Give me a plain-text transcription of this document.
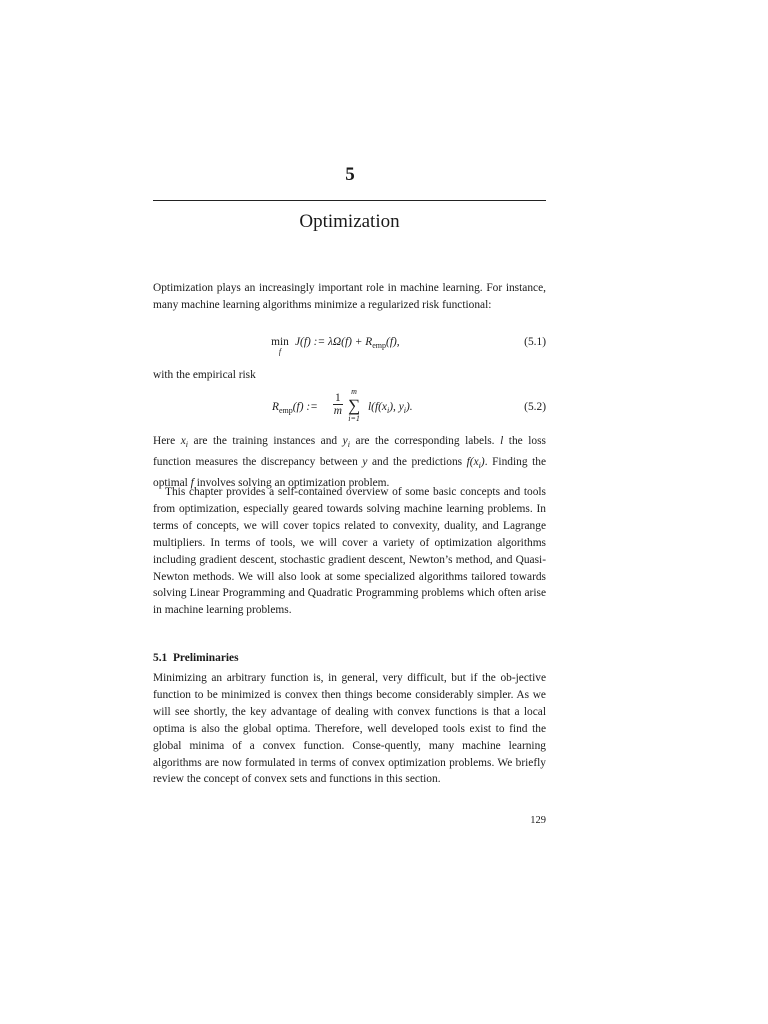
5
Optimization
Optimization plays an increasingly important role in machine learning. For instance, many machine learning algorithms minimize a regularized risk functional:
min
f
J(f) := $\lambda\Omega(f) + R_{emp}(f)$,	(5.1)
with the empirical risk
$R_{emp}(f)$ := $\frac{1}{m}$
m
∑
i=1
$l(f(x_i)$, $y_i$).	(5.2)
Here $x_i$ are the training instances and $y_i$ are the corresponding labels. l the loss function measures the discrepancy between y and the predictions $f(x_i)$. Finding the optimal f involves solving an optimization problem.
This chapter provides a self-contained overview of some basic concepts and tools from optimization, especially geared towards solving machine learning problems. In terms of concepts, we will cover topics related to convexity, duality, and Lagrange multipliers. In terms of tools, we will cover a variety of optimization algorithms including gradient descent, stochastic gradient descent, Newton’s method, and Quasi-Newton methods. We will also look at some specialized algorithms tailored towards solving Linear Programming and Quadratic Programming problems which often arise in machine learning problems.
5.1 Preliminaries
Minimizing an arbitrary function is, in general, very difficult, but if the ob-jective function to be minimized is convex then things become considerably simpler. As we will see shortly, the key advantage of dealing with convex functions is that a local optima is also the global optima. Therefore, well developed tools exist to find the global minima of a convex function. Conse-quently, many machine learning algorithms are now formulated in terms of convex optimization problems. We briefly review the concept of convex sets and functions in this section.
129
